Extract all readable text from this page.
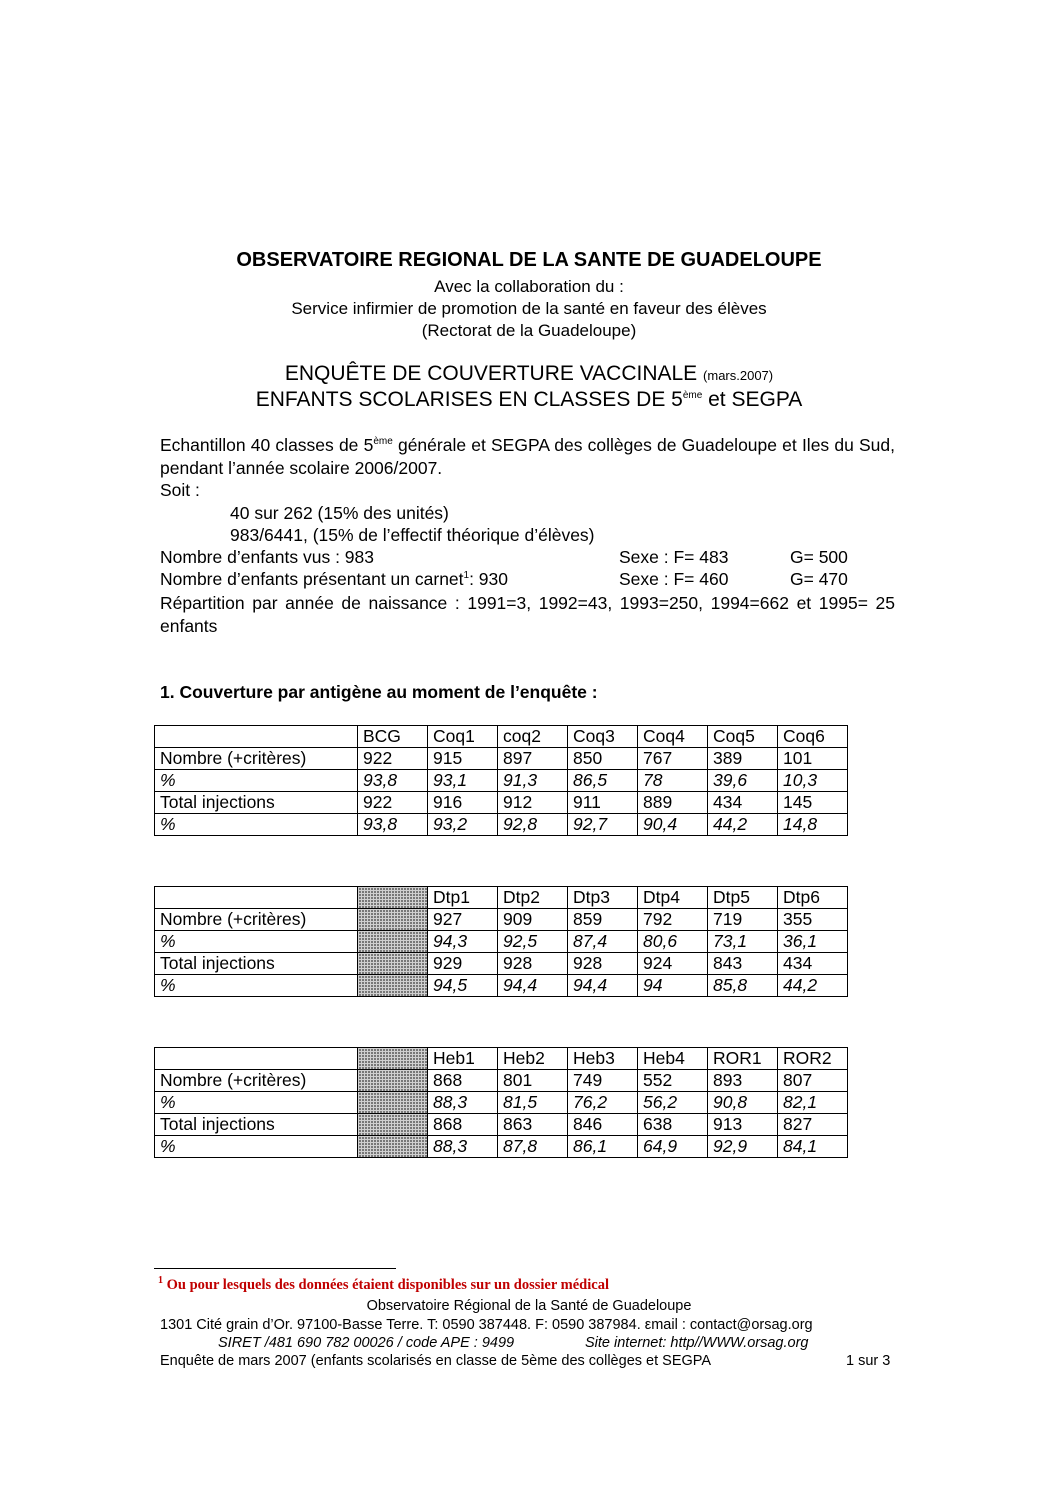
OBSERVATOIRE REGIONAL DE LA SANTE DE GUADELOUPE
Avec la collaboration du :
Service infirmier de promotion de la santé en faveur des élèves
(Rectorat de la Guadeloupe)
ENQUÊTE DE COUVERTURE VACCINALE (mars.2007)
ENFANTS SCOLARISES EN CLASSES DE 5ème et SEGPA
Echantillon 40 classes de 5ème générale et SEGPA des collèges de Guadeloupe et Iles du Sud, pendant l’année scolaire 2006/2007.
Soit :
40 sur 262 (15% des unités)
983/6441, (15% de l’effectif théorique d’élèves)
Nombre d’enfants vus : 983	Sexe : F= 483	G= 500
Nombre d’enfants présentant un carnet$^1$: 930	Sexe : F= 460	G= 470
Répartition par année de naissance : 1991=3, 1992=43, 1993=250, 1994=662 et 1995= 25 enfants
1. Couverture par antigène au moment de l’enquête :
	BCG	Coq1	coq2	Coq3	Coq4	Coq5	Coq6
Nombre (+critères)	922	915	897	850	767	389	101
%	93,8	93,1	91,3	86,5	78	39,6	10,3
Total injections	922	916	912	911	889	434	145
%	93,8	93,2	92,8	92,7	90,4	44,2	14,8
		Dtp1	Dtp2	Dtp3	Dtp4	Dtp5	Dtp6
Nombre (+critères)		927	909	859	792	719	355
%		94,3	92,5	87,4	80,6	73,1	36,1
Total injections		929	928	928	924	843	434
%		94,5	94,4	94,4	94	85,8	44,2
		Heb1	Heb2	Heb3	Heb4	ROR1	ROR2
Nombre (+critères)		868	801	749	552	893	807
%		88,3	81,5	76,2	56,2	90,8	82,1
Total injections		868	863	846	638	913	827
%		88,3	87,8	86,1	64,9	92,9	84,1
$^1$ Ou pour lesquels des données étaient disponibles sur un dossier médical
Observatoire Régional de la Santé de Guadeloupe
1301 Cité grain d’Or. 97100-Basse Terre. T: 0590 387448. F: 0590 387984. εmail : contact@orsag.org
SIRET /481 690 782 00026 / code APE : 9499	Site internet: http//WWW.orsag.org
Enquête de mars 2007 (enfants scolarisés en classe de 5ème des collèges et SEGPA	1 sur 3
